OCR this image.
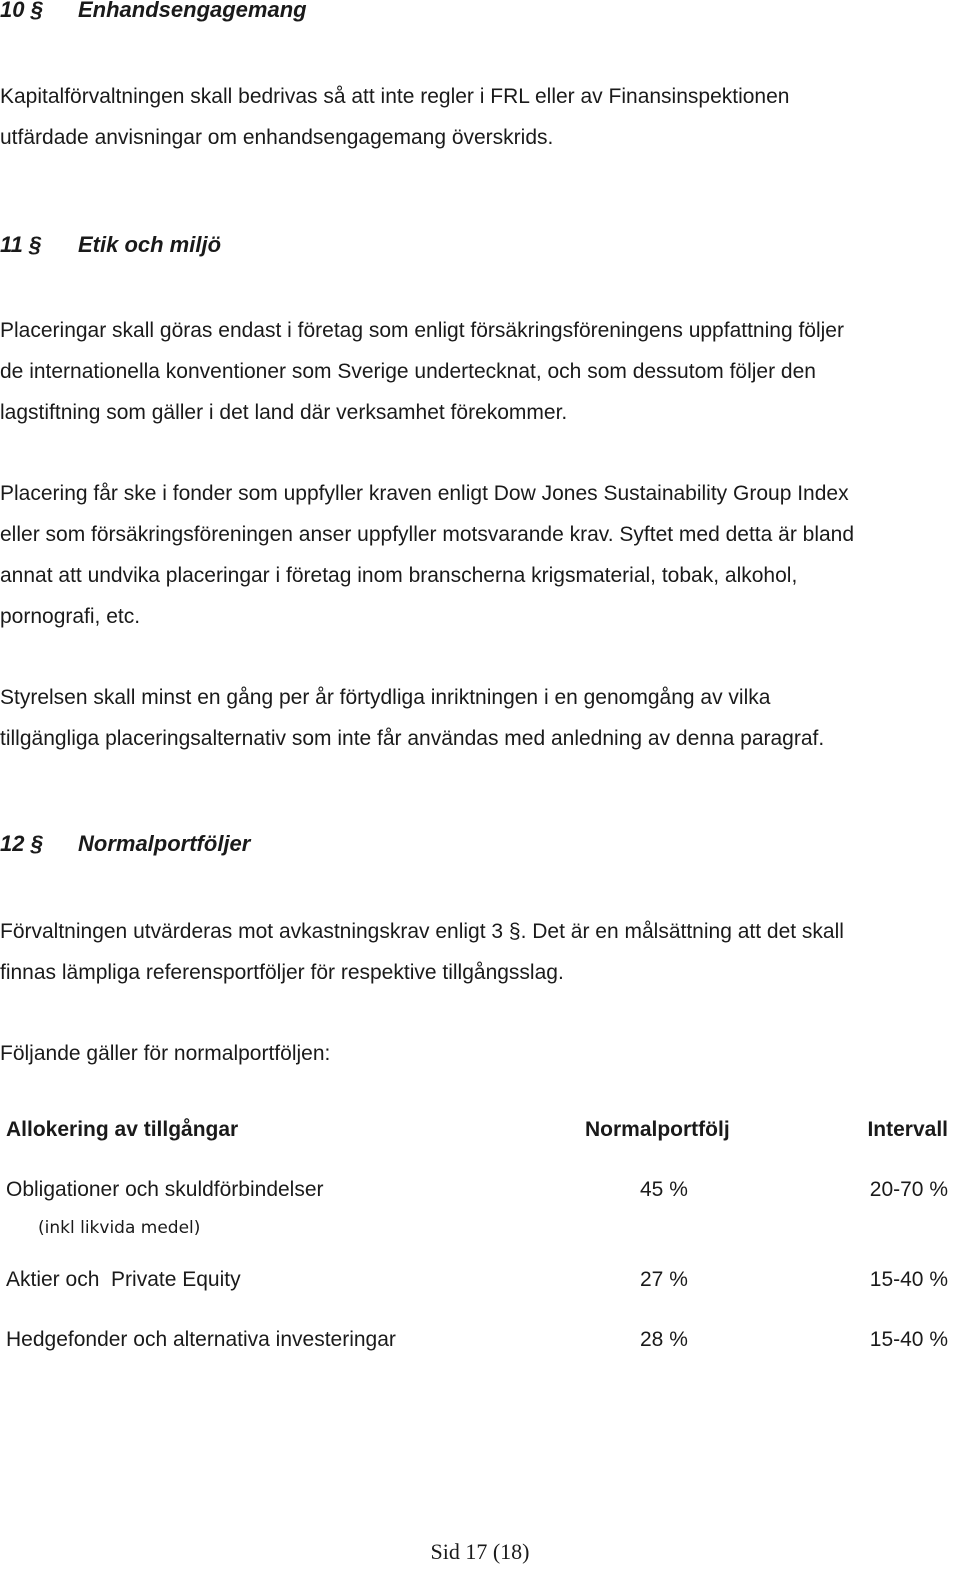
10 § Enhandsengagemang

Kapitalförvaltningen skall bedrivas så att inte regler i FRL eller av Finansinspektionen
utfärdade anvisningar om enhandsengagemang överskrids.

11 § Etik och miljö

Placeringar skall göras endast i företag som enligt försäkringsföreningens uppfattning följer
de internationella konventioner som Sverige undertecknat, och som dessutom följer den
lagstiftning som gäller i det land där verksamhet förekommer.

Placering får ske i fonder som uppfyller kraven enligt Dow Jones Sustainability Group Index
eller som försäkringsföreningen anser uppfyller motsvarande krav. Syftet med detta är bland
annat att undvika placeringar i företag inom branscherna krigsmaterial, tobak, alkohol,
pornografi, etc.

Styrelsen skall minst en gång per år förtydliga inriktningen i en genomgång av vilka
tillgängliga placeringsalternativ som inte får användas med anledning av denna paragraf.

12 § Normalportföljer

Förvaltningen utvärderas mot avkastningskrav enligt 3 §. Det är en målsättning att det skall
finnas lämpliga referensportföljer för respektive tillgångsslag.

Följande gäller för normalportföljen:

Allokering av tillgångar	Normalportfölj	Intervall
Obligationer och skuldförbindelser	45 %	20-70 %
(inkl likvida medel)
Aktier och  Private Equity	27 %	15-40 %
Hedgefonder och alternativa investeringar	28 %	15-40 %
Sid 17 (18)
